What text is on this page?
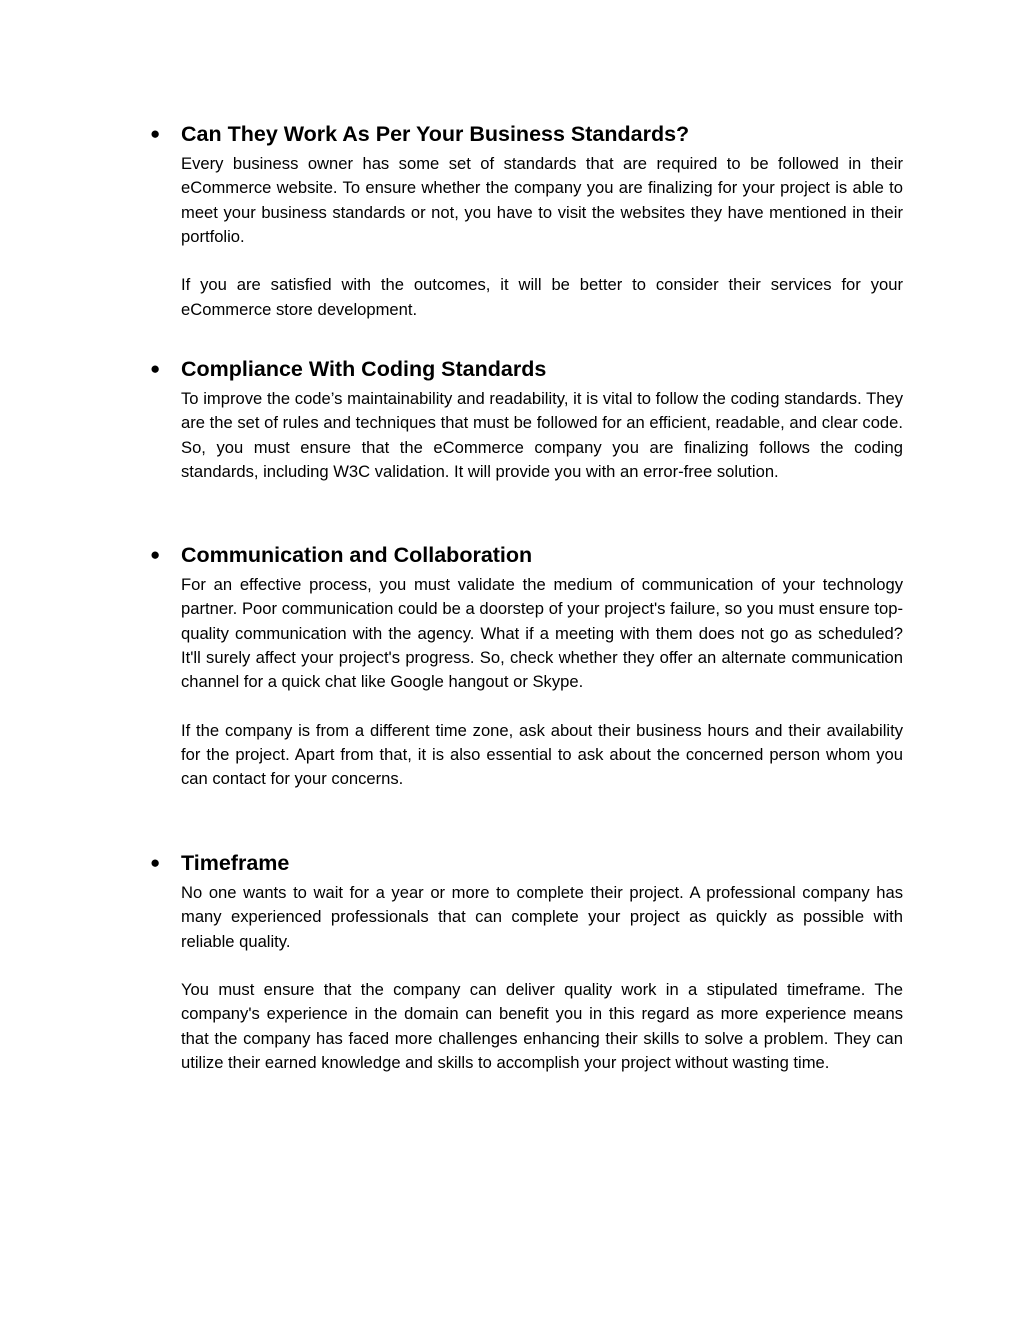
● Can They Work As Per Your Business Standards?

Every business owner has some set of standards that are required to be followed in their eCommerce website. To ensure whether the company you are finalizing for your project is able to meet your business standards or not, you have to visit the websites they have mentioned in their portfolio.

If you are satisfied with the outcomes, it will be better to consider their services for your eCommerce store development.

● Compliance With Coding Standards

To improve the code’s maintainability and readability, it is vital to follow the coding standards. They are the set of rules and techniques that must be followed for an efficient, readable, and clear code. So, you must ensure that the eCommerce company you are finalizing follows the coding standards, including W3C validation. It will provide you with an error-free solution.

● Communication and Collaboration

For an effective process, you must validate the medium of communication of your technology partner. Poor communication could be a doorstep of your project's failure, so you must ensure top-quality communication with the agency. What if a meeting with them does not go as scheduled? It'll surely affect your project's progress. So, check whether they offer an alternate communication channel for a quick chat like Google hangout or Skype.

If the company is from a different time zone, ask about their business hours and their availability for the project. Apart from that, it is also essential to ask about the concerned person whom you can contact for your concerns.

● Timeframe

No one wants to wait for a year or more to complete their project. A professional company has many experienced professionals that can complete your project as quickly as possible with reliable quality.

You must ensure that the company can deliver quality work in a stipulated timeframe. The company's experience in the domain can benefit you in this regard as more experience means that the company has faced more challenges enhancing their skills to solve a problem. They can utilize their earned knowledge and skills to accomplish your project without wasting time.
